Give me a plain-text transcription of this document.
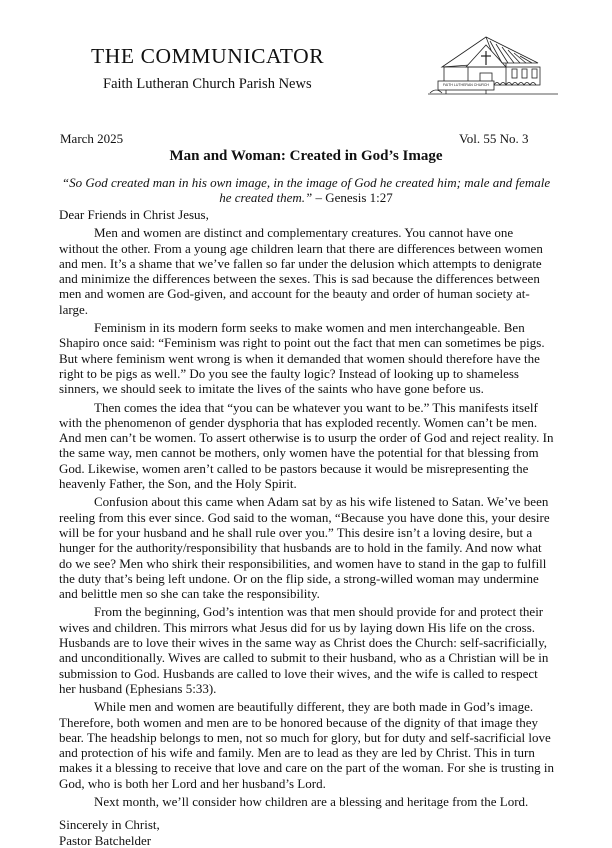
THE COMMUNICATOR
Faith Lutheran Church Parish News	FAITH LUTHERAN CHURCH
March 2025	Vol. 55 No. 3
Man and Woman: Created in God’s Image
“So God created man in his own image, in the image of God he created him; male and female he created them.” – Genesis 1:27

Dear Friends in Christ Jesus,

Men and women are distinct and complementary creatures. You cannot have one without the other. From a young age children learn that there are differences between women and men. It’s a shame that we’ve fallen so far under the delusion which attempts to denigrate and minimize the differences between the sexes. This is sad because the differences between men and women are God-given, and account for the beauty and order of human society at-large.

Feminism in its modern form seeks to make women and men interchangeable. Ben Shapiro once said: “Feminism was right to point out the fact that men can sometimes be pigs. But where feminism went wrong is when it demanded that women should therefore have the right to be pigs as well.” Do you see the faulty logic? Instead of looking up to shameless sinners, we should seek to imitate the lives of the saints who have gone before us.

Then comes the idea that “you can be whatever you want to be.” This manifests itself with the phenomenon of gender dysphoria that has exploded recently. Women can’t be men. And men can’t be women. To assert otherwise is to usurp the order of God and reject reality. In the same way, men cannot be mothers, only women have the potential for that blessing from God. Likewise, women aren’t called to be pastors because it would be misrepresenting the heavenly Father, the Son, and the Holy Spirit.

Confusion about this came when Adam sat by as his wife listened to Satan. We’ve been reeling from this ever since. God said to the woman, “Because you have done this, your desire will be for your husband and he shall rule over you.” This desire isn’t a loving desire, but a hunger for the authority/responsibility that husbands are to hold in the family. And now what do we see? Men who shirk their responsibilities, and women have to stand in the gap to fulfill the duty that’s being left undone. Or on the flip side, a strong-willed woman may undermine and belittle men so she can take the responsibility.

From the beginning, God’s intention was that men should provide for and protect their wives and children. This mirrors what Jesus did for us by laying down His life on the cross. Husbands are to love their wives in the same way as Christ does the Church: self-sacrificially, and unconditionally. Wives are called to submit to their husband, who as a Christian will be in submission to God. Husbands are called to love their wives, and the wife is called to respect her husband (Ephesians 5:33).

While men and women are beautifully different, they are both made in God’s image. Therefore, both women and men are to be honored because of the dignity of that image they bear. The headship belongs to men, not so much for glory, but for duty and self-sacrificial love and protection of his wife and family. Men are to lead as they are led by Christ. This in turn makes it a blessing to receive that love and care on the part of the woman. For she is trusting in God, who is both her Lord and her husband’s Lord.

Next month, we’ll consider how children are a blessing and heritage from the Lord.

Sincerely in Christ,

Pastor Batchelder
